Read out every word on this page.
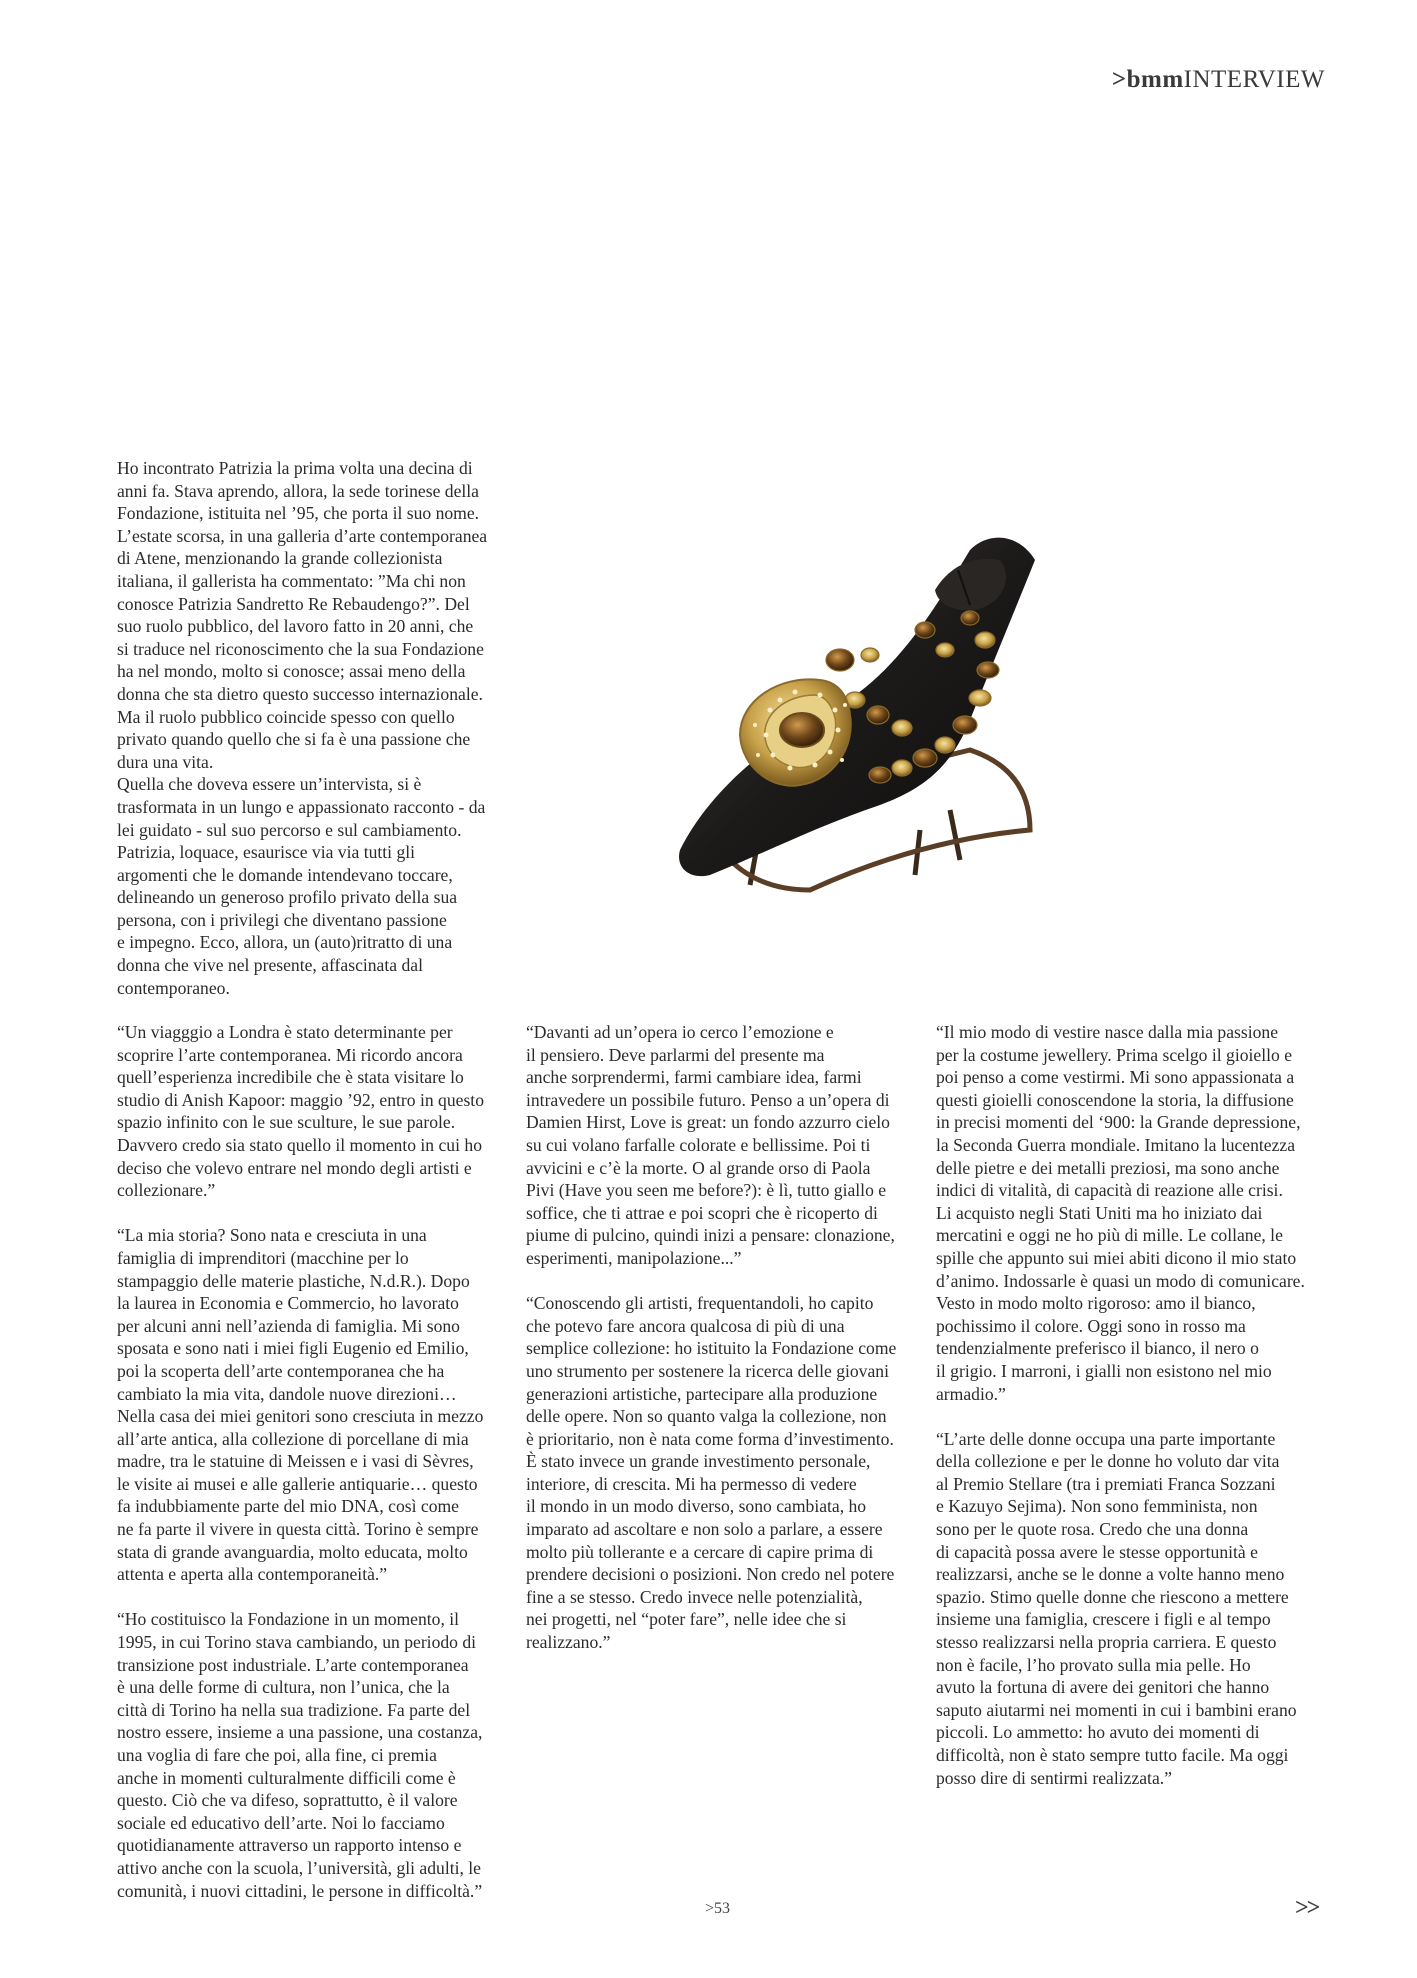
>bmmINTERVIEW

Ho incontrato Patrizia la prima volta una decina di
anni fa. Stava aprendo, allora, la sede torinese della
Fondazione, istituita nel ’95, che porta il suo nome.
L’estate scorsa, in una galleria d’arte contemporanea
di Atene, menzionando la grande collezionista
italiana, il gallerista ha commentato: ”Ma chi non
conosce Patrizia Sandretto Re Rebaudengo?”. Del
suo ruolo pubblico, del lavoro fatto in 20 anni, che
si traduce nel riconoscimento che la sua Fondazione
ha nel mondo, molto si conosce; assai meno della
donna che sta dietro questo successo internazionale.
Ma il ruolo pubblico coincide spesso con quello
privato quando quello che si fa è una passione che
dura una vita.
Quella che doveva essere un’intervista, si è
trasformata in un lungo e appassionato racconto - da
lei guidato - sul suo percorso e sul cambiamento.
Patrizia, loquace, esaurisce via via tutti gli
argomenti che le domande intendevano toccare,
delineando un generoso profilo privato della sua
persona, con i privilegi che diventano passione
e impegno. Ecco, allora, un (auto)ritratto di una
donna che vive nel presente, affascinata dal
contemporaneo.

“Un viagggio a Londra è stato determinante per
scoprire l’arte contemporanea. Mi ricordo ancora
quell’esperienza incredibile che è stata visitare lo
studio di Anish Kapoor: maggio ’92, entro in questo
spazio infinito con le sue sculture, le sue parole.
Davvero credo sia stato quello il momento in cui ho
deciso che volevo entrare nel mondo degli artisti e
collezionare.”

“La mia storia? Sono nata e cresciuta in una
famiglia di imprenditori (macchine per lo
stampaggio delle materie plastiche, N.d.R.). Dopo
la laurea in Economia e Commercio, ho lavorato
per alcuni anni nell’azienda di famiglia. Mi sono
sposata e sono nati i miei figli Eugenio ed Emilio,
poi la scoperta dell’arte contemporanea che ha
cambiato la mia vita, dandole nuove direzioni…
Nella casa dei miei genitori sono cresciuta in mezzo
all’arte antica, alla collezione di porcellane di mia
madre, tra le statuine di Meissen e i vasi di Sèvres,
le visite ai musei e alle gallerie antiquarie… questo
fa indubbiamente parte del mio DNA, così come
ne fa parte il vivere in questa città. Torino è sempre
stata di grande avanguardia, molto educata, molto
attenta e aperta alla contemporaneità.”

“Ho costituisco la Fondazione in un momento, il
1995, in cui Torino stava cambiando, un periodo di
transizione post industriale. L’arte contemporanea
è una delle forme di cultura, non l’unica, che la
città di Torino ha nella sua tradizione. Fa parte del
nostro essere, insieme a una passione, una costanza,
una voglia di fare che poi, alla fine, ci premia
anche in momenti culturalmente difficili come è
questo. Ciò che va difeso, soprattutto, è il valore
sociale ed educativo dell’arte. Noi lo facciamo
quotidianamente attraverso un rapporto intenso e
attivo anche con la scuola, l’università, gli adulti, le
comunità, i nuovi cittadini, le persone in difficoltà.”

“Davanti ad un’opera io cerco l’emozione e
il pensiero. Deve parlarmi del presente ma
anche sorprendermi, farmi cambiare idea, farmi
intravedere un possibile futuro. Penso a un’opera di
Damien Hirst, Love is great: un fondo azzurro cielo
su cui volano farfalle colorate e bellissime. Poi ti
avvicini e c’è la morte. O al grande orso di Paola
Pivi (Have you seen me before?): è lì, tutto giallo e
soffice, che ti attrae e poi scopri che è ricoperto di
piume di pulcino, quindi inizi a pensare: clonazione,
esperimenti, manipolazione...”

“Conoscendo gli artisti, frequentandoli, ho capito
che potevo fare ancora qualcosa di più di una
semplice collezione: ho istituito la Fondazione come
uno strumento per sostenere la ricerca delle giovani
generazioni artistiche, partecipare alla produzione
delle opere. Non so quanto valga la collezione, non
è prioritario, non è nata come forma d’investimento.
È stato invece un grande investimento personale,
interiore, di crescita. Mi ha permesso di vedere
il mondo in un modo diverso, sono cambiata, ho
imparato ad ascoltare e non solo a parlare, a essere
molto più tollerante e a cercare di capire prima di
prendere decisioni o posizioni. Non credo nel potere
fine a se stesso. Credo invece nelle potenzialità,
nei progetti, nel “poter fare”, nelle idee che si
realizzano.”

“Il mio modo di vestire nasce dalla mia passione
per la costume jewellery. Prima scelgo il gioiello e
poi penso a come vestirmi. Mi sono appassionata a
questi gioielli conoscendone la storia, la diffusione
in precisi momenti del ‘900: la Grande depressione,
la Seconda Guerra mondiale. Imitano la lucentezza
delle pietre e dei metalli preziosi, ma sono anche
indici di vitalità, di capacità di reazione alle crisi.
Li acquisto negli Stati Uniti ma ho iniziato dai
mercatini e oggi ne ho più di mille. Le collane, le
spille che appunto sui miei abiti dicono il mio stato
d’animo. Indossarle è quasi un modo di comunicare.
Vesto in modo molto rigoroso: amo il bianco,
pochissimo il colore. Oggi sono in rosso ma
tendenzialmente preferisco il bianco, il nero o
il grigio. I marroni, i gialli non esistono nel mio
armadio.”

“L’arte delle donne occupa una parte importante
della collezione e per le donne ho voluto dar vita
al Premio Stellare (tra i premiati Franca Sozzani
e Kazuyo Sejima). Non sono femminista, non
sono per le quote rosa. Credo che una donna
di capacità possa avere le stesse opportunità e
realizzarsi, anche se le donne a volte hanno meno
spazio. Stimo quelle donne che riescono a mettere
insieme una famiglia, crescere i figli e al tempo
stesso realizzarsi nella propria carriera. E questo
non è facile, l’ho provato sulla mia pelle. Ho
avuto la fortuna di avere dei genitori che hanno
saputo aiutarmi nei momenti in cui i bambini erano
piccoli. Lo ammetto: ho avuto dei momenti di
difficoltà, non è stato sempre tutto facile. Ma oggi
posso dire di sentirmi realizzata.”

>53	>>
